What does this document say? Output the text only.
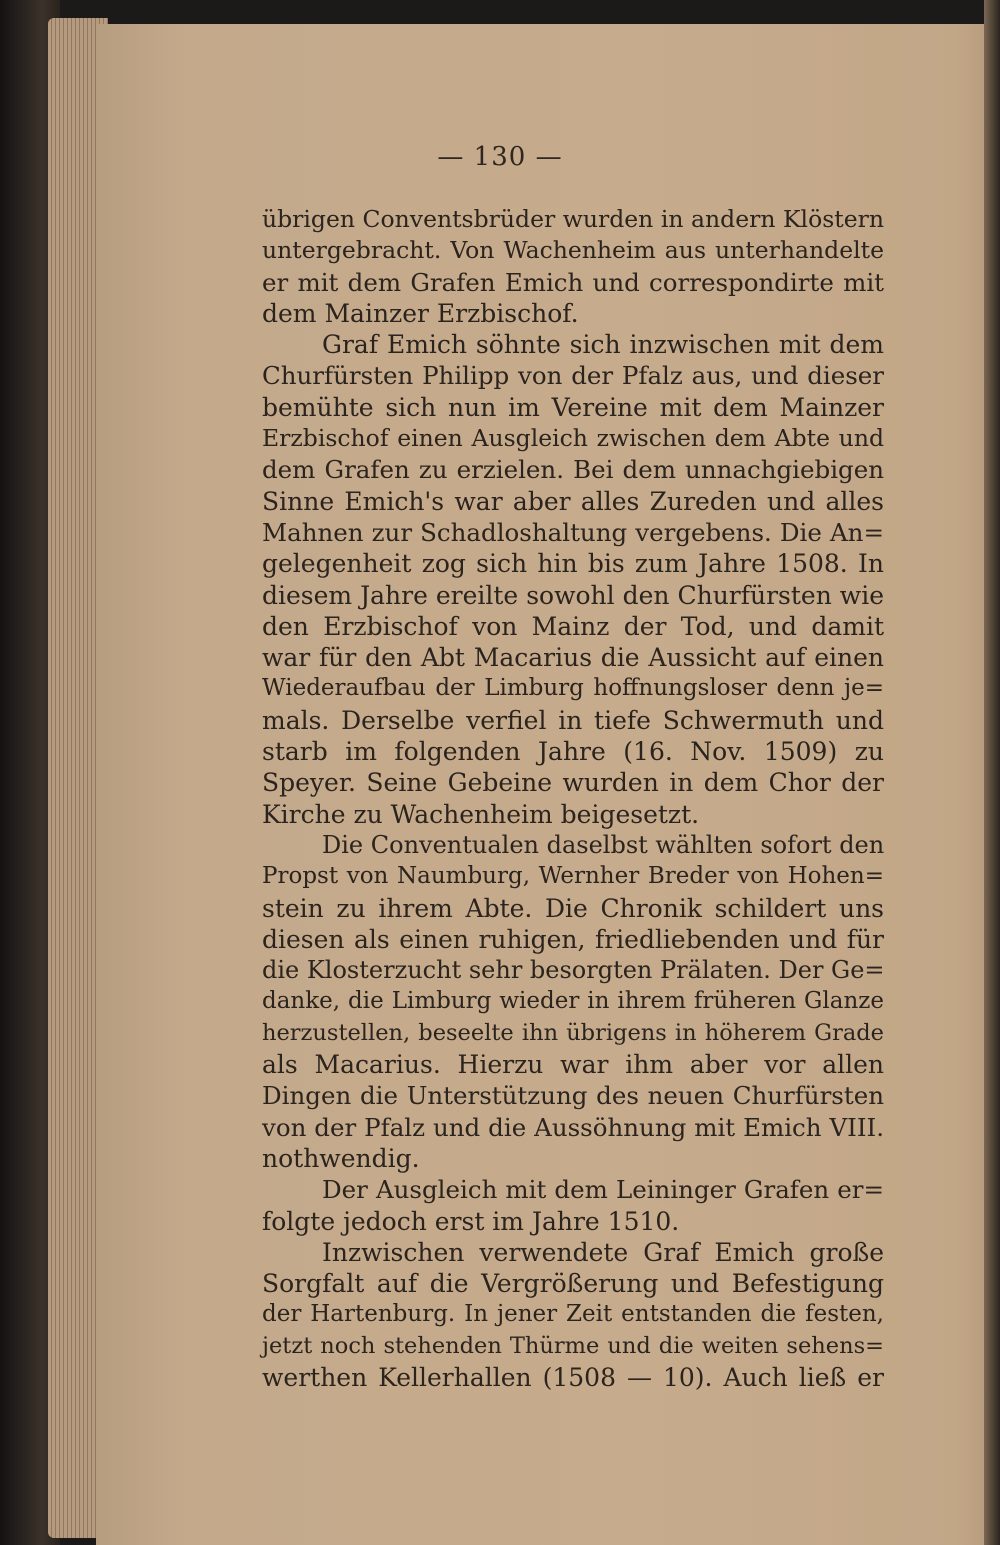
— 130 —
übrigen Conventsbrüder wurden in andern Klöstern
untergebracht. Von Wachenheim aus unterhandelte
er mit dem Grafen Emich und correspondirte mit
dem Mainzer Erzbischof.
Graf Emich söhnte sich inzwischen mit dem
Churfürsten Philipp von der Pfalz aus, und dieser
bemühte sich nun im Vereine mit dem Mainzer
Erzbischof einen Ausgleich zwischen dem Abte und
dem Grafen zu erzielen. Bei dem unnachgiebigen
Sinne Emich's war aber alles Zureden und alles
Mahnen zur Schadloshaltung vergebens. Die An=
gelegenheit zog sich hin bis zum Jahre 1508. In
diesem Jahre ereilte sowohl den Churfürsten wie
den Erzbischof von Mainz der Tod, und damit
war für den Abt Macarius die Aussicht auf einen
Wiederaufbau der Limburg hoffnungsloser denn je=
mals. Derselbe verfiel in tiefe Schwermuth und
starb im folgenden Jahre (16. Nov. 1509) zu
Speyer. Seine Gebeine wurden in dem Chor der
Kirche zu Wachenheim beigesetzt.
Die Conventualen daselbst wählten sofort den
Propst von Naumburg, Wernher Breder von Hohen=
stein zu ihrem Abte. Die Chronik schildert uns
diesen als einen ruhigen, friedliebenden und für
die Klosterzucht sehr besorgten Prälaten. Der Ge=
danke, die Limburg wieder in ihrem früheren Glanze
herzustellen, beseelte ihn übrigens in höherem Grade
als Macarius. Hierzu war ihm aber vor allen
Dingen die Unterstützung des neuen Churfürsten
von der Pfalz und die Aussöhnung mit Emich VIII.
nothwendig.
Der Ausgleich mit dem Leininger Grafen er=
folgte jedoch erst im Jahre 1510.
Inzwischen verwendete Graf Emich große
Sorgfalt auf die Vergrößerung und Befestigung
der Hartenburg. In jener Zeit entstanden die festen,
jetzt noch stehenden Thürme und die weiten sehens=
werthen Kellerhallen (1508 — 10). Auch ließ er
